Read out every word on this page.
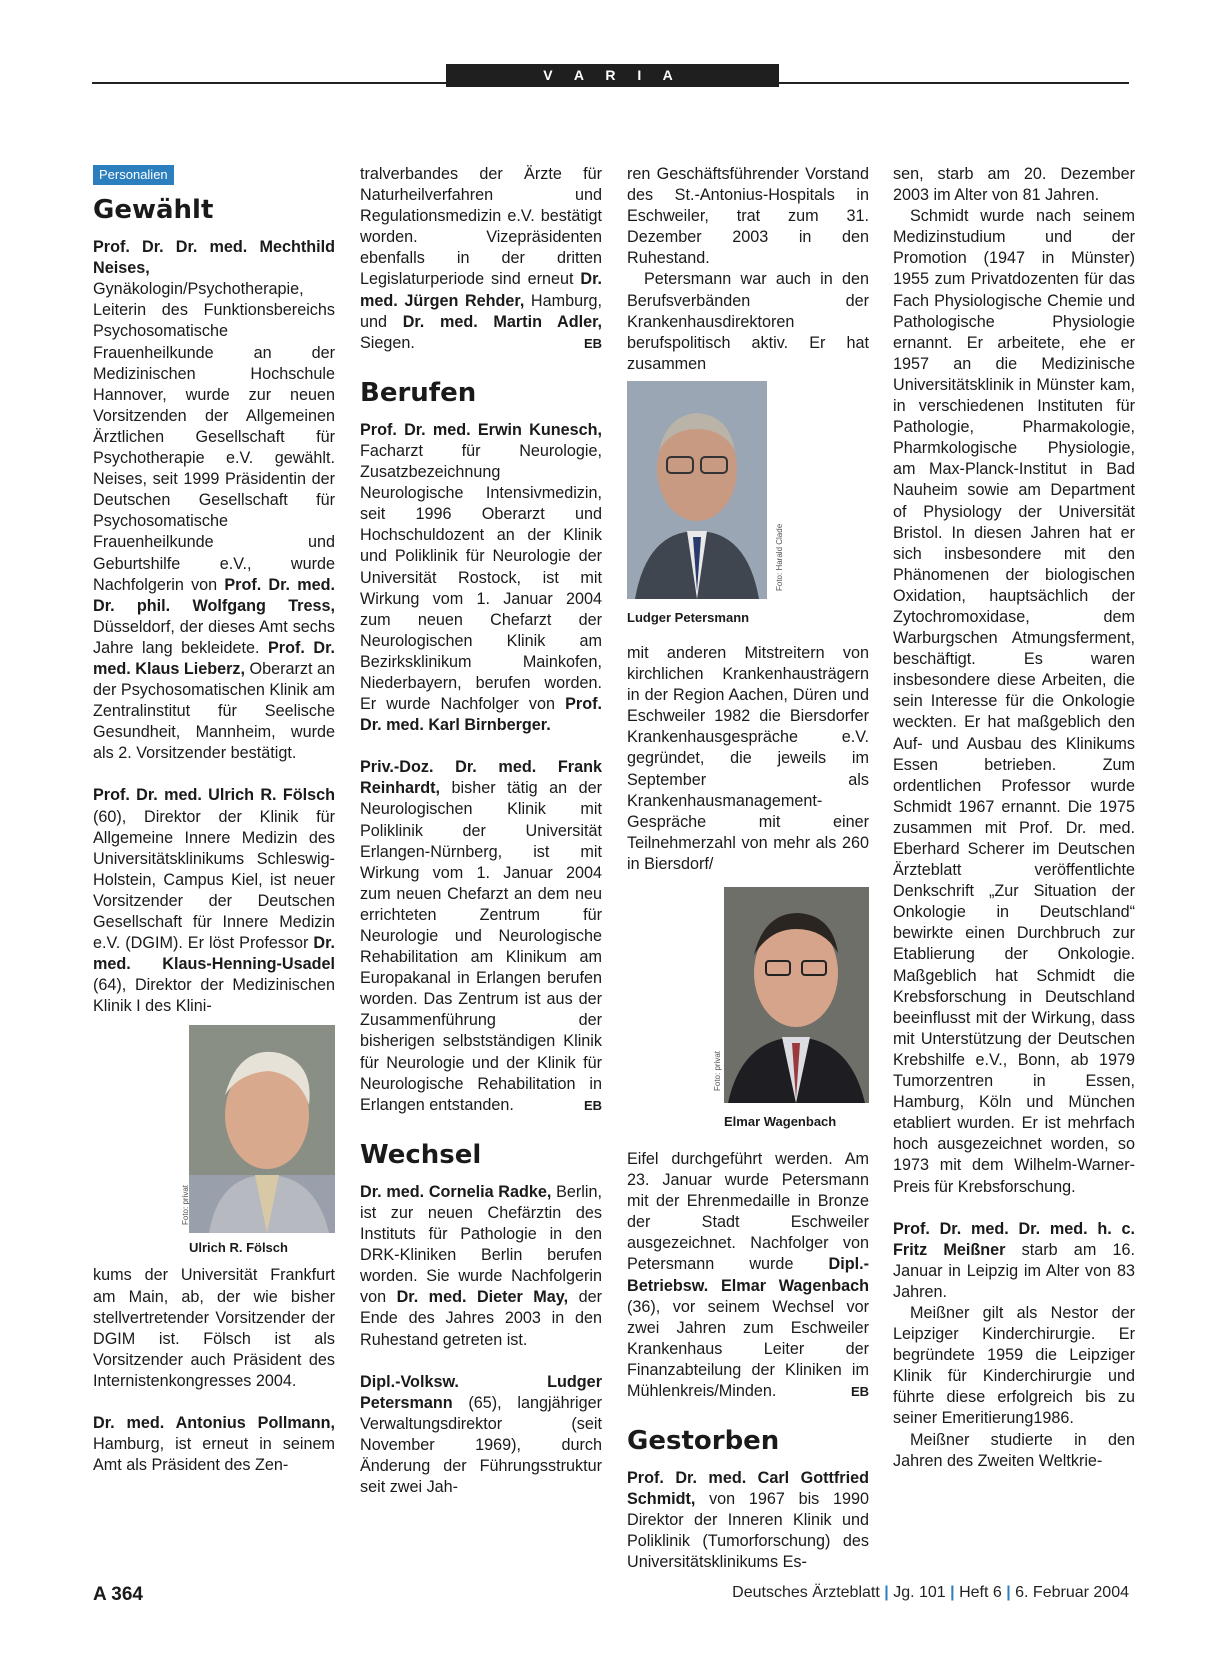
V A R I A
Personalien
Gewählt

Prof. Dr. Dr. med. Mechthild Neises, Gynäkologin/Psychotherapie, Leiterin des Funktionsbereichs Psychosomatische Frauenheilkunde an der Medizinischen Hochschule Hannover, wurde zur neuen Vorsitzenden der Allgemeinen Ärztlichen Gesellschaft für Psychotherapie e.V. gewählt. Neises, seit 1999 Präsidentin der Deutschen Gesellschaft für Psychosomatische Frauenheilkunde und Geburtshilfe e.V., wurde Nachfolgerin von Prof. Dr. med. Dr. phil. Wolfgang Tress, Düsseldorf, der dieses Amt sechs Jahre lang bekleidete. Prof. Dr. med. Klaus Lieberz, Oberarzt an der Psychosomatischen Klinik am Zentralinstitut für Seelische Gesundheit, Mannheim, wurde als 2. Vorsitzender bestätigt.

Prof. Dr. med. Ulrich R. Fölsch (60), Direktor der Klinik für Allgemeine Innere Medizin des Universitätsklinikums Schleswig-Holstein, Campus Kiel, ist neuer Vorsitzender der Deutschen Gesellschaft für Innere Medizin e.V. (DGIM). Er löst Professor Dr. med. Klaus-Henning-Usadel (64), Direktor der Medizinischen Klinik I des Klini-

Foto: privat
Ulrich R. Fölsch

kums der Universität Frankfurt am Main, ab, der wie bisher stellvertretender Vorsitzender der DGIM ist. Fölsch ist als Vorsitzender auch Präsident des Internistenkongresses 2004.

Dr. med. Antonius Pollmann, Hamburg, ist erneut in seinem Amt als Präsident des Zen-

tralverbandes der Ärzte für Naturheilverfahren und Regulationsmedizin e.V. bestätigt worden. Vizepräsidenten ebenfalls in der dritten Legislaturperiode sind erneut Dr. med. Jürgen Rehder, Hamburg, und Dr. med. Martin Adler, Siegen.	EB

Berufen

Prof. Dr. med. Erwin Kunesch, Facharzt für Neurologie, Zusatzbezeichnung Neurologische Intensivmedizin, seit 1996 Oberarzt und Hochschuldozent an der Klinik und Poliklinik für Neurologie der Universität Rostock, ist mit Wirkung vom 1. Januar 2004 zum neuen Chefarzt der Neurologischen Klinik am Bezirksklinikum Mainkofen, Niederbayern, berufen worden. Er wurde Nachfolger von Prof. Dr. med. Karl Birnberger.

Priv.-Doz. Dr. med. Frank Reinhardt, bisher tätig an der Neurologischen Klinik mit Poliklinik der Universität Erlangen-Nürnberg, ist mit Wirkung vom 1. Januar 2004 zum neuen Chefarzt an dem neu errichteten Zentrum für Neurologie und Neurologische Rehabilitation am Klinikum am Europakanal in Erlangen berufen worden. Das Zentrum ist aus der Zusammenführung der bisherigen selbstständigen Klinik für Neurologie und der Klinik für Neurologische Rehabilitation in Erlangen entstanden.	EB

Wechsel

Dr. med. Cornelia Radke, Berlin, ist zur neuen Chefärztin des Instituts für Pathologie in den DRK-Kliniken Berlin berufen worden. Sie wurde Nachfolgerin von Dr. med. Dieter May, der Ende des Jahres 2003 in den Ruhestand getreten ist.

Dipl.-Volksw. Ludger Petersmann (65), langjähriger Verwaltungsdirektor (seit November 1969), durch Änderung der Führungsstruktur seit zwei Jah-

ren Geschäftsführender Vorstand des St.-Antonius-Hospitals in Eschweiler, trat zum 31. Dezember 2003 in den Ruhestand.

Petersmann war auch in den Berufsverbänden der Krankenhausdirektoren berufspolitisch aktiv. Er hat zusammen

Foto: Harald Clade
Ludger Petersmann

mit anderen Mitstreitern von kirchlichen Krankenhausträgern in der Region Aachen, Düren und Eschweiler 1982 die Biersdorfer Krankenhausgespräche e.V. gegründet, die jeweils im September als Krankenhausmanagement-Gespräche mit einer Teilnehmerzahl von mehr als 260 in Biersdorf/

Foto: privat
Elmar Wagenbach

Eifel durchgeführt werden. Am 23. Januar wurde Petersmann mit der Ehrenmedaille in Bronze der Stadt Eschweiler ausgezeichnet. Nachfolger von Petersmann wurde Dipl.-Betriebsw. Elmar Wagenbach (36), vor seinem Wechsel vor zwei Jahren zum Eschweiler Krankenhaus Leiter der Finanzabteilung der Kliniken im Mühlenkreis/Minden.	EB

Gestorben

Prof. Dr. med. Carl Gottfried Schmidt, von 1967 bis 1990 Direktor der Inneren Klinik und Poliklinik (Tumorforschung) des Universitätsklinikums Es-

sen, starb am 20. Dezember 2003 im Alter von 81 Jahren.

Schmidt wurde nach seinem Medizinstudium und der Promotion (1947 in Münster) 1955 zum Privatdozenten für das Fach Physiologische Chemie und Pathologische Physiologie ernannt. Er arbeitete, ehe er 1957 an die Medizinische Universitätsklinik in Münster kam, in verschiedenen Instituten für Pathologie, Pharmakologie, Pharmkologische Physiologie, am Max-Planck-Institut in Bad Nauheim sowie am Department of Physiology der Universität Bristol. In diesen Jahren hat er sich insbesondere mit den Phänomenen der biologischen Oxidation, hauptsächlich der Zytochromoxidase, dem Warburgschen Atmungsferment, beschäftigt. Es waren insbesondere diese Arbeiten, die sein Interesse für die Onkologie weckten. Er hat maßgeblich den Auf- und Ausbau des Klinikums Essen betrieben. Zum ordentlichen Professor wurde Schmidt 1967 ernannt. Die 1975 zusammen mit Prof. Dr. med. Eberhard Scherer im Deutschen Ärzteblatt veröffentlichte Denkschrift „Zur Situation der Onkologie in Deutschland“ bewirkte einen Durchbruch zur Etablierung der Onkologie. Maßgeblich hat Schmidt die Krebsforschung in Deutschland beeinflusst mit der Wirkung, dass mit Unterstützung der Deutschen Krebshilfe e.V., Bonn, ab 1979 Tumorzentren in Essen, Hamburg, Köln und München etabliert wurden. Er ist mehrfach hoch ausgezeichnet worden, so 1973 mit dem Wilhelm-Warner-Preis für Krebsforschung.

Prof. Dr. med. Dr. med. h. c. Fritz Meißner starb am 16. Januar in Leipzig im Alter von 83 Jahren.

Meißner gilt als Nestor der Leipziger Kinderchirurgie. Er begründete 1959 die Leipziger Klinik für Kinderchirurgie und führte diese erfolgreich bis zu seiner Emeritierung1986.

Meißner studierte in den Jahren des Zweiten Weltkrie-

A 364	Deutsches Ärzteblatt | Jg. 101 | Heft 6 | 6. Februar 2004
